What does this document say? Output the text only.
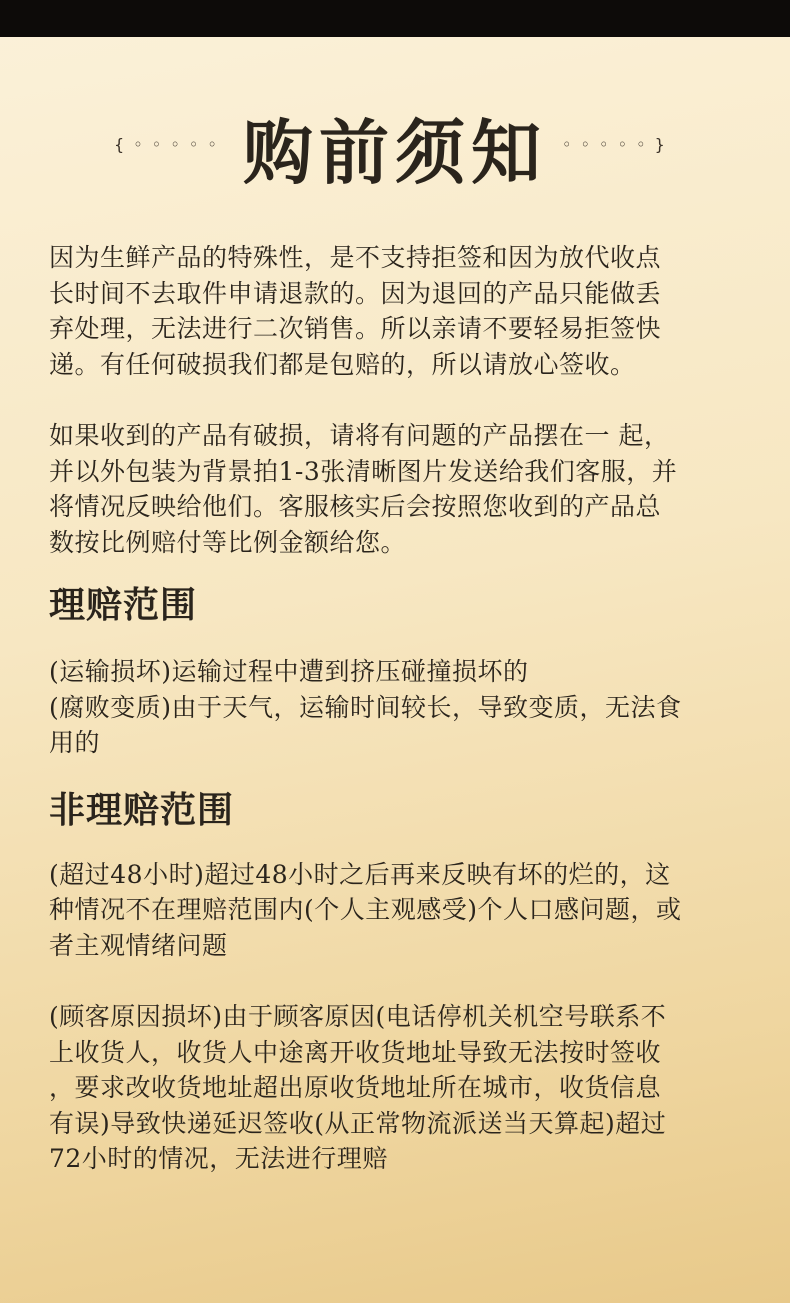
{ ◦ ◦ ◦ ◦ ◦ 购前须知 ◦ ◦ ◦ ◦ ◦ }

因为生鲜产品的特殊性，是不支持拒签和因为放代收点

长时间不去取件申请退款的。因为退回的产品只能做丢

弃处理，无法进行二次销售。所以亲请不要轻易拒签快

递。有任何破损我们都是包赔的，所以请放心签收。

如果收到的产品有破损，请将有问题的产品摆在一 起，

并以外包装为背景拍1-3张清晰图片发送给我们客服，并

将情况反映给他们。客服核实后会按照您收到的产品总

数按比例赔付等比例金额给您。

理赔范围

(运输损坏)运输过程中遭到挤压碰撞损坏的

(腐败变质)由于天气，运输时间较长，导致变质，无法食

用的

非理赔范围

(超过48小时)超过48小时之后再来反映有坏的烂的，这

种情况不在理赔范围内(个人主观感受)个人口感问题，或

者主观情绪问题

(顾客原因损坏)由于顾客原因(电话停机关机空号联系不

上收货人，收货人中途离开收货地址导致无法按时签收

，要求改收货地址超出原收货地址所在城市，收货信息

有误)导致快递延迟签收(从正常物流派送当天算起)超过

72小时的情况，无法进行理赔
